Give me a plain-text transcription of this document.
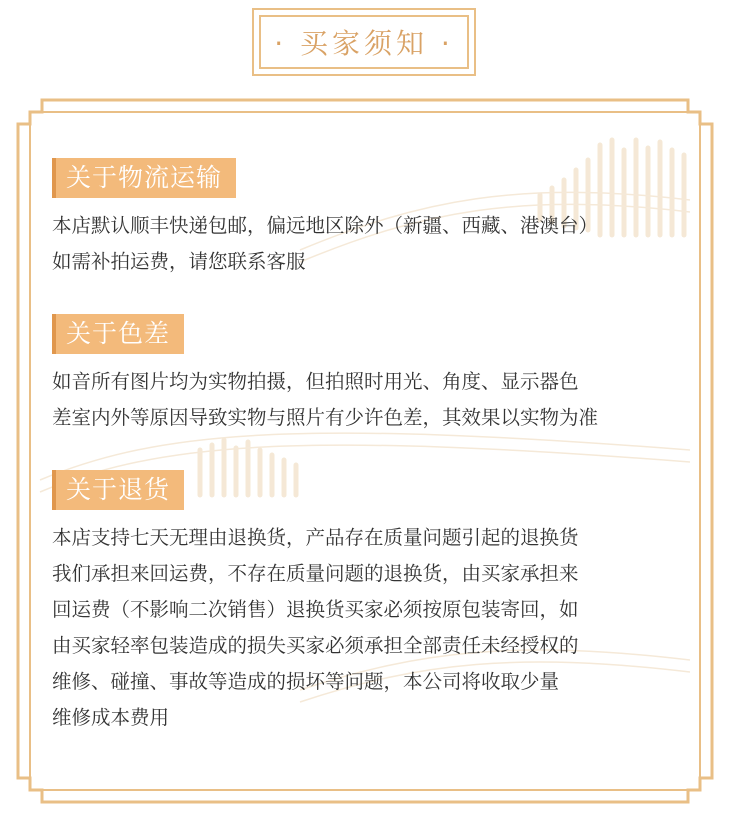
· 买家须知 ·
关于物流运输

本店默认顺丰快递包邮，偏远地区除外（新疆、西藏、港澳台）

如需补拍运费，请您联系客服

关于色差

如音所有图片均为实物拍摄，但拍照时用光、角度、显示器色

差室内外等原因导致实物与照片有少许色差，其效果以实物为准

关于退货

本店支持七天无理由退换货，产品存在质量问题引起的退换货

我们承担来回运费，不存在质量问题的退换货，由买家承担来

回运费（不影响二次销售）退换货买家必须按原包装寄回，如

由买家轻率包装造成的损失买家必须承担全部责任未经授权的

维修、碰撞、事故等造成的损坏等问题，本公司将收取少量

维修成本费用
